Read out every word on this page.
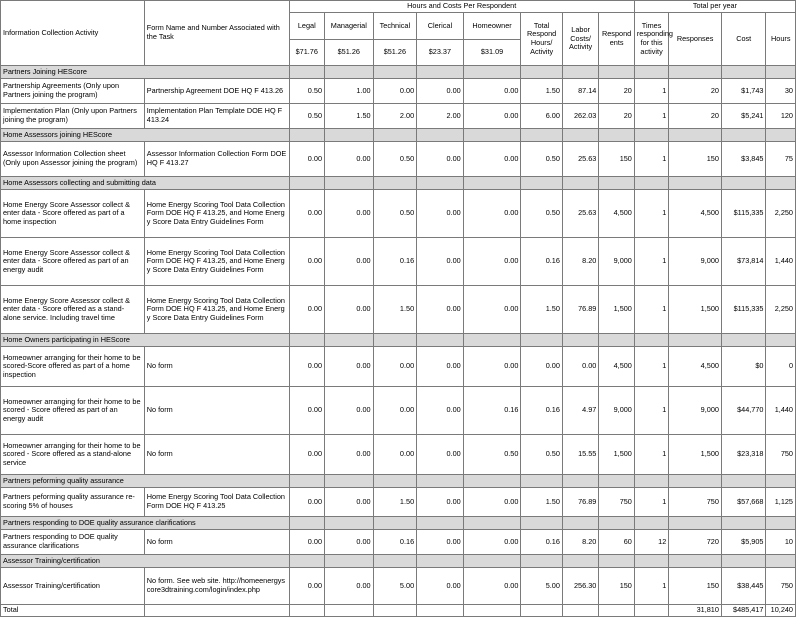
Information Collection Activity	Form Name and Number Associated with the Task	Hours and Costs Per Respondent								Total per year			
		Legal	Managerial	Technical	Clerical	Homeowner	Total Respond Hours/ Activity	Labor Costs/ Activity	Respondents	Times responding for this activity	Responses	Cost	Hours
		$71.76	$51.26	$51.26	$23.37	$31.09							
Partners Joining HEScore													
Partnership Agreements (Only upon Partners joining the program)	Partnership Agreement DOE HQ F 413.26	0.50	1.00	0.00	0.00	0.00	1.50	87.14	20	1	20	$1,743	30
Implementation Plan (Only upon Partners joining the program)	Implementation Plan Template DOE HQ F 413.24	0.50	1.50	2.00	2.00	0.00	6.00	262.03	20	1	20	$5,241	120
Home Assessors joining HEScore													
Assessor Information Collection sheet (Only upon Assessor joining the program)	Assessor Information Collection Form DOE HQ F 413.27	0.00	0.00	0.50	0.00	0.00	0.50	25.63	150	1	150	$3,845	75
Home Assessors collecting and submitting data													
Home Energy Score Assessor collect & enter data - Score offered as part of a home inspection	Home Energy Scoring Tool Data Collection Form DOE HQ F 413.25, and Home Energy Score Data Entry Guidelines Form	0.00	0.00	0.50	0.00	0.00	0.50	25.63	4,500	1	4,500	$115,335	2,250
Home Energy Score Assessor collect & enter data - Score offered as part of an energy audit	Home Energy Scoring Tool Data Collection Form DOE HQ F 413.25, and Home Energy Score Data Entry Guidelines Form	0.00	0.00	0.16	0.00	0.00	0.16	8.20	9,000	1	9,000	$73,814	1,440
Home Energy Score Assessor collect & enter data - Score offered as a stand-alone service. Including travel time	Home Energy Scoring Tool Data Collection Form DOE HQ F 413.25, and Home Energy Score Data Entry Guidelines Form	0.00	0.00	1.50	0.00	0.00	1.50	76.89	1,500	1	1,500	$115,335	2,250
Home Owners participating in HEScore													
Homeowner arranging for their home to be scored-Score offered as part of a home inspection	No form	0.00	0.00	0.00	0.00	0.00	0.00	0.00	4,500	1	4,500	$0	0
Homeowner arranging for their home to be scored - Score offered as part of an energy audit	No form	0.00	0.00	0.00	0.00	0.16	0.16	4.97	9,000	1	9,000	$44,770	1,440
Homeowner arranging for their home to be scored - Score offered as a stand-alone service	No form	0.00	0.00	0.00	0.00	0.50	0.50	15.55	1,500	1	1,500	$23,318	750
Partners peforming quality assurance													
Partners peforming quality assurance re-scoring 5% of houses	Home Energy Scoring Tool Data Collection Form DOE HQ F 413.25	0.00	0.00	1.50	0.00	0.00	1.50	76.89	750	1	750	$57,668	1,125
Partners responding to DOE quality assurance clarifications													
Partners responding to DOE quality assurance clarifications	No form	0.00	0.00	0.16	0.00	0.00	0.16	8.20	60	12	720	$5,905	10
Assessor Training/certification													
Assessor Training/certification	No form. See web site. http://homeenergyscore3dtraining.com/login/index.php	0.00	0.00	5.00	0.00	0.00	5.00	256.30	150	1	150	$38,445	750
Total											31,810	$485,417	10,240
